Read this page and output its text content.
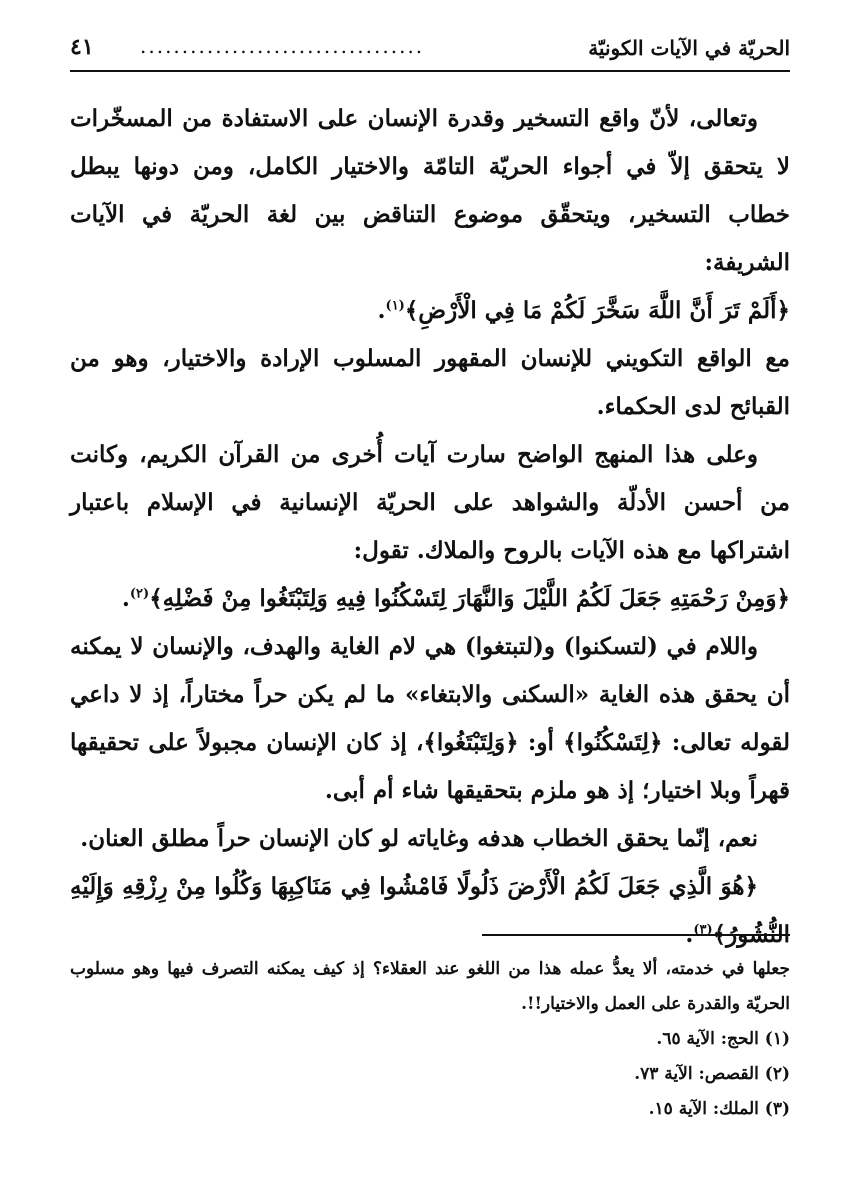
الحريّة في الآيات الكونيّة
..................................
٤١

وتعالى، لأنّ واقع التسخير وقدرة الإنسان على الاستفادة من المسخّرات لا يتحقق إلاّ في أجواء الحريّة التامّة والاختيار الكامل، ومن دونها يبطل خطاب التسخير، ويتحقّق موضوع التناقض بين لغة الحريّة في الآيات الشريفة:

﴿أَلَمْ تَرَ أَنَّ اللَّهَ سَخَّرَ لَكُمْ مَا فِي الْأَرْضِ﴾$^{(١)}$.

مع الواقع التكويني للإنسان المقهور المسلوب الإرادة والاختيار، وهو من القبائح لدى الحكماء.

وعلى هذا المنهج الواضح سارت آيات أُخرى من القرآن الكريم، وكانت من أحسن الأدلّة والشواهد على الحريّة الإنسانية في الإسلام باعتبار اشتراكها مع هذه الآيات بالروح والملاك. تقول:

﴿وَمِنْ رَحْمَتِهِ جَعَلَ لَكُمُ اللَّيْلَ وَالنَّهَارَ لِتَسْكُنُوا فِيهِ وَلِتَبْتَغُوا مِنْ فَضْلِهِ﴾$^{(٢)}$.

واللام في (لتسكنوا) و(لتبتغوا) هي لام الغاية والهدف، والإنسان لا يمكنه أن يحقق هذه الغاية «السكنى والابتغاء» ما لم يكن حراً مختاراً، إذ لا داعي لقوله تعالى: ﴿لِتَسْكُنُوا﴾ أو: ﴿وَلِتَبْتَغُوا﴾، إذ كان الإنسان مجبولاً على تحقيقها قهراً وبلا اختيار؛ إذ هو ملزم بتحقيقها شاء أم أبى.

نعم، إنّما يحقق الخطاب هدفه وغاياته لو كان الإنسان حراً مطلق العنان.

﴿هُوَ الَّذِي جَعَلَ لَكُمُ الْأَرْضَ ذَلُولًا فَامْشُوا فِي مَنَاكِبِهَا وَكُلُوا مِنْ رِزْقِهِ وَإِلَيْهِ النُّشُورُ﴾$^{(٣)}$.

جعلها في خدمته، ألا يعدُّ عمله هذا من اللغو عند العقلاء؟ إذ كيف يمكنه التصرف فيها وهو مسلوب الحريّة والقدرة على العمل والاختيار!!.

(١) الحج: الآية ٦٥.

(٢) القصص: الآية ٧٣.

(٣) الملك: الآية ١٥.
